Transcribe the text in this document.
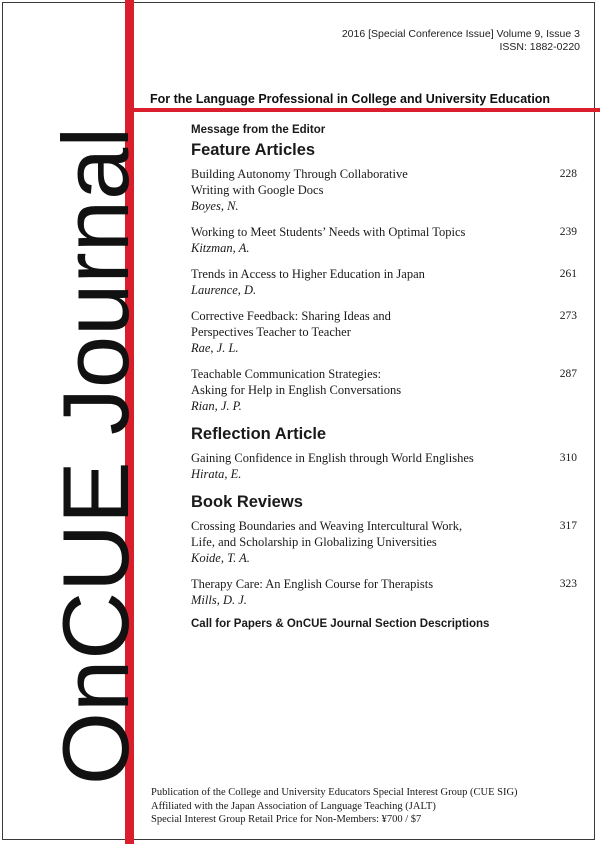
OnCUE Journal
2016 [Special Conference Issue] Volume 9, Issue 3
ISSN: 1882-0220
For the Language Professional in College and University Education
Message from the Editor
Feature Articles
Building Autonomy Through Collaborative
Writing with Google Docs
Boyes, N.
228
Working to Meet Students’ Needs with Optimal Topics
Kitzman, A.
239
Trends in Access to Higher Education in Japan
Laurence, D.
261
Corrective Feedback: Sharing Ideas and
Perspectives Teacher to Teacher
Rae, J. L.
273
Teachable Communication Strategies:
Asking for Help in English Conversations
Rian, J. P.
287
Reflection Article
Gaining Confidence in English through World Englishes
Hirata, E.
310
Book Reviews
Crossing Boundaries and Weaving Intercultural Work,
Life, and Scholarship in Globalizing Universities
Koide, T. A.
317
Therapy Care: An English Course for Therapists
Mills, D. J.
323
Call for Papers & OnCUE Journal Section Descriptions
Publication of the College and University Educators Special Interest Group (CUE SIG)
Affiliated with the Japan Association of Language Teaching (JALT)
Special Interest Group Retail Price for Non-Members: ¥700 / $7
